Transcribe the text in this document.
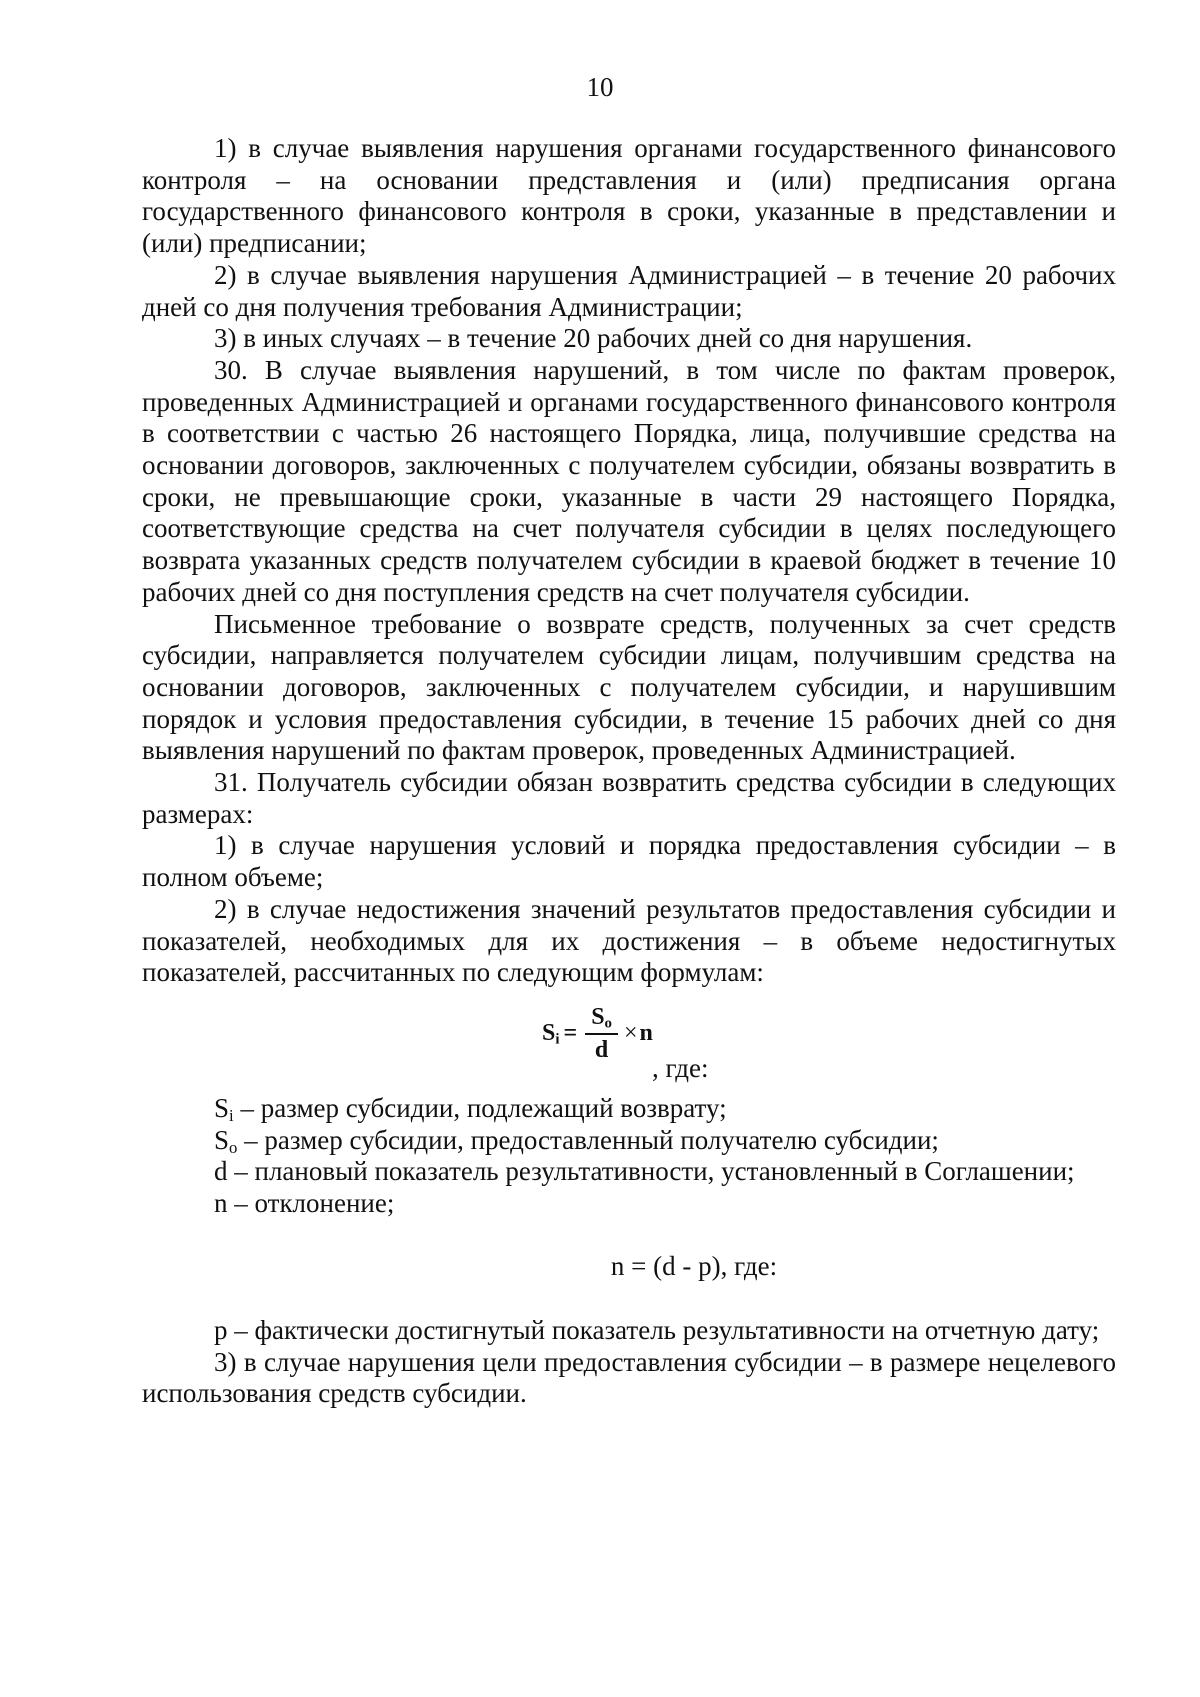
10

1) в случае выявления нарушения органами государственного финансового контроля – на основании представления и (или) предписания органа государственного финансового контроля в сроки, указанные в представлении и (или) предписании;

2) в случае выявления нарушения Администрацией – в течение 20 рабочих дней со дня получения требования Администрации;

3) в иных случаях – в течение 20 рабочих дней со дня нарушения.

30. В случае выявления нарушений, в том числе по фактам проверок, проведенных Администрацией и органами государственного финансового контроля в соответствии с частью 26 настоящего Порядка, лица, получившие средства на основании договоров, заключенных с получателем субсидии, обязаны возвратить в сроки, не превышающие сроки, указанные в части 29 настоящего Порядка, соответствующие средства на счет получателя субсидии в целях последующего возврата указанных средств получателем субсидии в краевой бюджет в течение 10 рабочих дней со дня поступления средств на счет получателя субсидии.

Письменное требование о возврате средств, полученных за счет средств субсидии, направляется получателем субсидии лицам, получившим средства на основании договоров, заключенных с получателем субсидии, и нарушившим порядок и условия предоставления субсидии, в течение 15 рабочих дней со дня выявления нарушений по фактам проверок, проведенных Администрацией.

31. Получатель субсидии обязан возвратить средства субсидии в следующих размерах:

1) в случае нарушения условий и порядка предоставления субсидии – в полном объеме;

2) в случае недостижения значений результатов предоставления субсидии и показателей, необходимых для их достижения – в объеме недостигнутых показателей, рассчитанных по следующим формулам:

$S_i = \frac{S_o}{d} \times n$
, где:

$S_i$ – размер субсидии, подлежащий возврату;

$S_o$ – размер субсидии, предоставленный получателю субсидии;

d – плановый показатель результативности, установленный в Соглашении;

n – отклонение;

n = (d - p), где:

p – фактически достигнутый показатель результативности на отчетную дату;

3) в случае нарушения цели предоставления субсидии – в размере нецелевого использования средств субсидии.
